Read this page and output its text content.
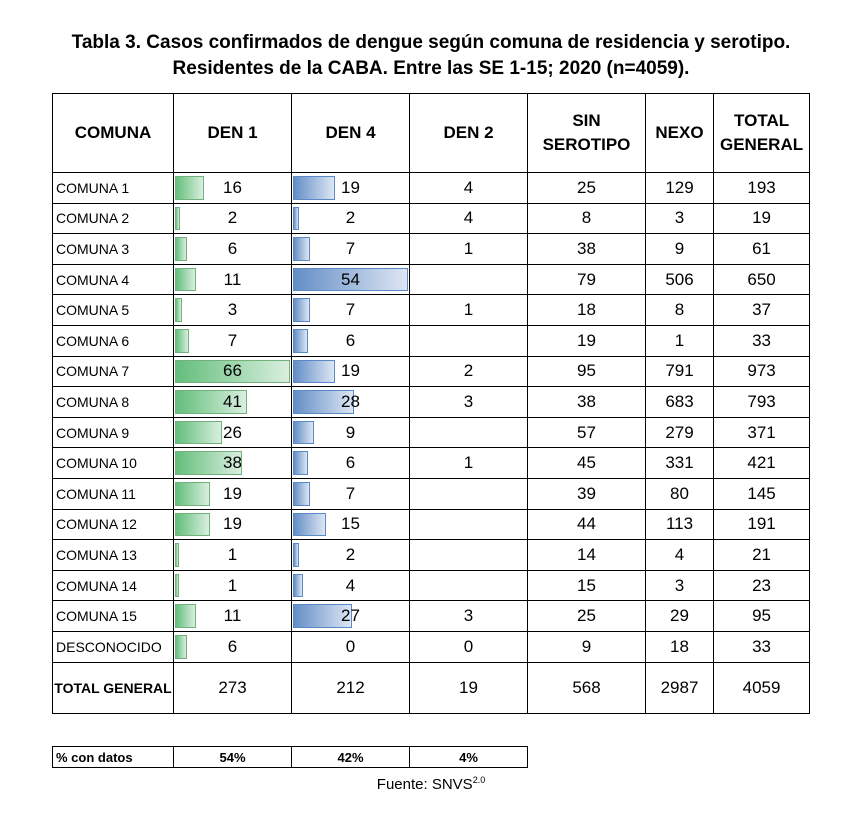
Tabla 3. Casos confirmados de dengue según comuna de residencia y serotipo.
Residentes de la CABA. Entre las SE 1-15; 2020 (n=4059).
COMUNA	DEN 1	DEN 4	DEN 2	SIN SEROTIPO	NEXO	TOTAL GENERAL
COMUNA 1	16	19	4	25	129	193
COMUNA 2	2	2	4	8	3	19
COMUNA 3	6	7	1	38	9	61
COMUNA 4	11	54		79	506	650
COMUNA 5	3	7	1	18	8	37
COMUNA 6	7	6		19	1	33
COMUNA 7	66	19	2	95	791	973
COMUNA 8	41	28	3	38	683	793
COMUNA 9	26	9		57	279	371
COMUNA 10	38	6	1	45	331	421
COMUNA 11	19	7		39	80	145
COMUNA 12	19	15		44	113	191
COMUNA 13	1	2		14	4	21
COMUNA 14	1	4		15	3	23
COMUNA 15	11	27	3	25	29	95
DESCONOCIDO	6	0	0	9	18	33
TOTAL GENERAL	273	212	19	568	2987	4059
% con datos	54%	42%	4%
Fuente: $SNVS^{2.0}$
